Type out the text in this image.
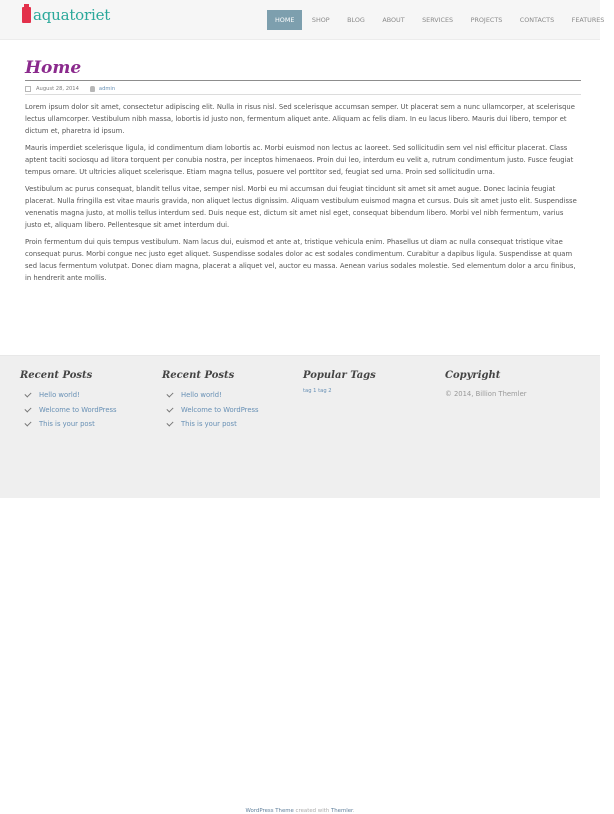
aquatoriet	HOME	SHOP	BLOG	ABOUT	SERVICES	PROJECTS	CONTACTS	FEATURES
Home
August 28, 2014	admin

Lorem ipsum dolor sit amet, consectetur adipiscing elit. Nulla in risus nisl. Sed scelerisque accumsan semper. Ut placerat sem a nunc ullamcorper, at scelerisque lectus ullamcorper. Vestibulum nibh massa, lobortis id justo non, fermentum aliquet ante. Aliquam ac felis diam. In eu lacus libero. Mauris dui libero, tempor et dictum et, pharetra id ipsum.

Mauris imperdiet scelerisque ligula, id condimentum diam lobortis ac. Morbi euismod non lectus ac laoreet. Sed sollicitudin sem vel nisl efficitur placerat. Class aptent taciti sociosqu ad litora torquent per conubia nostra, per inceptos himenaeos. Proin dui leo, interdum eu velit a, rutrum condimentum justo. Fusce feugiat tempus ornare. Ut ultricies aliquet scelerisque. Etiam magna tellus, posuere vel porttitor sed, feugiat sed urna. Proin sed sollicitudin urna.

Vestibulum ac purus consequat, blandit tellus vitae, semper nisl. Morbi eu mi accumsan dui feugiat tincidunt sit amet sit amet augue. Donec lacinia feugiat placerat. Nulla fringilla est vitae mauris gravida, non aliquet lectus dignissim. Aliquam vestibulum euismod magna et cursus. Duis sit amet justo elit. Suspendisse venenatis magna justo, at mollis tellus interdum sed. Duis neque est, dictum sit amet nisl eget, consequat bibendum libero. Morbi vel nibh fermentum, varius justo et, aliquam libero. Pellentesque sit amet interdum dui.

Proin fermentum dui quis tempus vestibulum. Nam lacus dui, euismod et ante at, tristique vehicula enim. Phasellus ut diam ac nulla consequat tristique vitae consequat purus. Morbi congue nec justo eget aliquet. Suspendisse sodales dolor ac est sodales condimentum. Curabitur a dapibus ligula. Suspendisse at quam sed lacus fermentum volutpat. Donec diam magna, placerat a aliquet vel, auctor eu massa. Aenean varius sodales molestie. Sed elementum dolor a arcu finibus, in hendrerit ante mollis.

Recent Posts
Hello world!
Welcome to WordPress
This is your post
Recent Posts
Hello world!
Welcome to WordPress
This is your post
Popular Tags
tag 1 tag 2
Copyright
© 2014, Billion Themler
WordPress Theme created with Themler.
